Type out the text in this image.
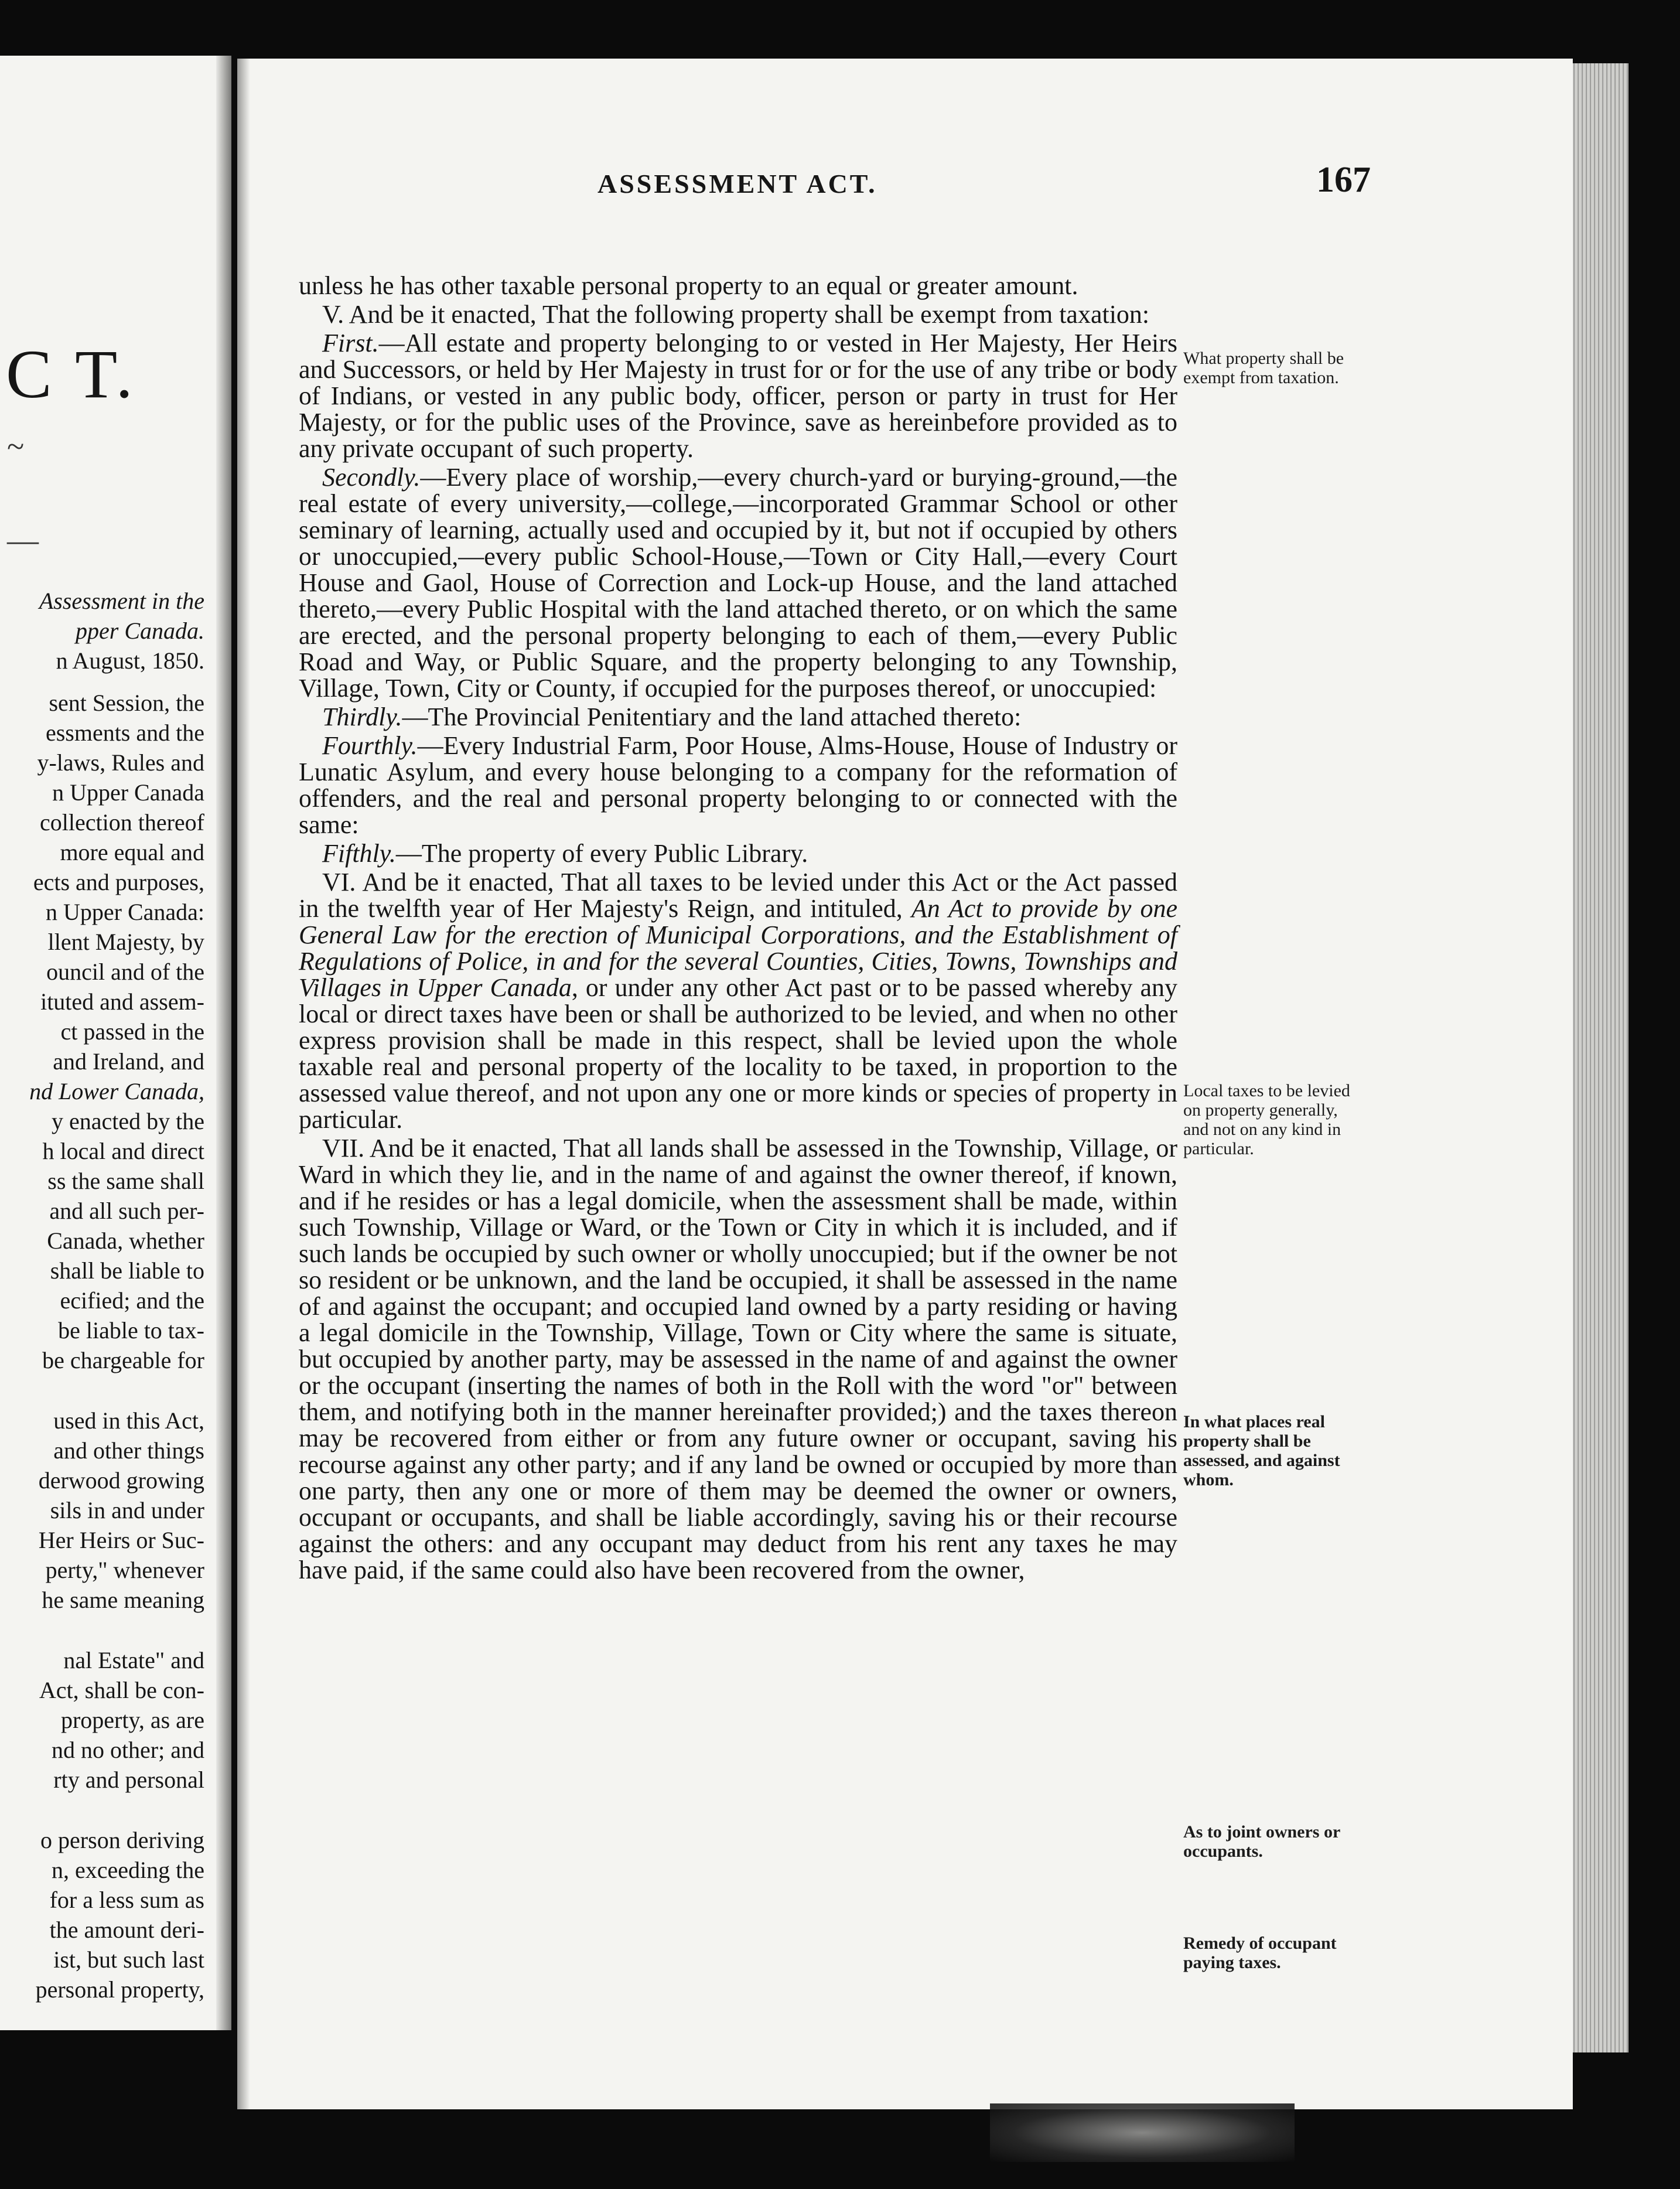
C T.
~
—
Assessment in the
pper Canada.
n August, 1850.
sent Session, the
essments and the
y-laws, Rules and
n Upper Canada
collection thereof
more equal and
ects and purposes,
n Upper Canada:
llent Majesty, by
ouncil and of the
ituted and assem-
ct passed in the
and Ireland, and
nd Lower Canada,
y enacted by the
h local and direct
ss the same shall
and all such per-
Canada, whether
shall be liable to
ecified; and the
be liable to tax-
be chargeable for
used in this Act,
and other things
derwood growing
sils in and under
Her Heirs or Suc-
perty," whenever
he same meaning
nal Estate" and
Act, shall be con-
property, as are
nd no other; and
rty and personal
o person deriving
n, exceeding the
for a less sum as
the amount deri-
ist, but such last
personal property,
ASSESSMENT ACT.	167

unless he has other taxable personal property to an equal or greater amount.

V. And be it enacted, That the following property shall be exempt from taxation:

First.—All estate and property belonging to or vested in Her Majesty, Her Heirs and Successors, or held by Her Majesty in trust for or for the use of any tribe or body of Indians, or vested in any public body, officer, person or party in trust for Her Majesty, or for the public uses of the Province, save as hereinbefore provided as to any private occupant of such property.

Secondly.—Every place of worship,—every church-yard or burying-ground,—the real estate of every university,—college,—incorporated Grammar School or other seminary of learning, actually used and occupied by it, but not if occupied by others or unoccupied,—every public School-House,—Town or City Hall,—every Court House and Gaol, House of Correction and Lock-up House, and the land attached thereto,—every Public Hospital with the land attached thereto, or on which the same are erected, and the personal property belonging to each of them,—every Public Road and Way, or Public Square, and the property belonging to any Township, Village, Town, City or County, if occupied for the purposes thereof, or unoccupied:

Thirdly.—The Provincial Penitentiary and the land attached thereto:

Fourthly.—Every Industrial Farm, Poor House, Alms-House, House of Industry or Lunatic Asylum, and every house belonging to a company for the reformation of offenders, and the real and personal property belonging to or connected with the same:

Fifthly.—The property of every Public Library.

VI. And be it enacted, That all taxes to be levied under this Act or the Act passed in the twelfth year of Her Majesty's Reign, and intituled, An Act to provide by one General Law for the erection of Municipal Corporations, and the Establishment of Regulations of Police, in and for the several Counties, Cities, Towns, Townships and Villages in Upper Canada, or under any other Act past or to be passed whereby any local or direct taxes have been or shall be authorized to be levied, and when no other express provision shall be made in this respect, shall be levied upon the whole taxable real and personal property of the locality to be taxed, in proportion to the assessed value thereof, and not upon any one or more kinds or species of property in particular.

VII. And be it enacted, That all lands shall be assessed in the Township, Village, or Ward in which they lie, and in the name of and against the owner thereof, if known, and if he resides or has a legal domicile, when the assessment shall be made, within such Township, Village or Ward, or the Town or City in which it is included, and if such lands be occupied by such owner or wholly unoccupied; but if the owner be not so resident or be unknown, and the land be occupied, it shall be assessed in the name of and against the occupant; and occupied land owned by a party residing or having a legal domicile in the Township, Village, Town or City where the same is situate, but occupied by another party, may be assessed in the name of and against the owner or the occupant (inserting the names of both in the Roll with the word "or" between them, and notifying both in the manner hereinafter provided;) and the taxes thereon may be recovered from either or from any future owner or occupant, saving his recourse against any other party; and if any land be owned or occupied by more than one party, then any one or more of them may be deemed the owner or owners, occupant or occupants, and shall be liable accordingly, saving his or their recourse against the others: and any occupant may deduct from his rent any taxes he may have paid, if the same could also have been recovered from the owner,

What property shall be exempt from taxation.
Local taxes to be levied on property generally, and not on any kind in particular.
In what places real property shall be assessed, and against whom.
As to joint owners or occupants.
Remedy of occupant paying taxes.
